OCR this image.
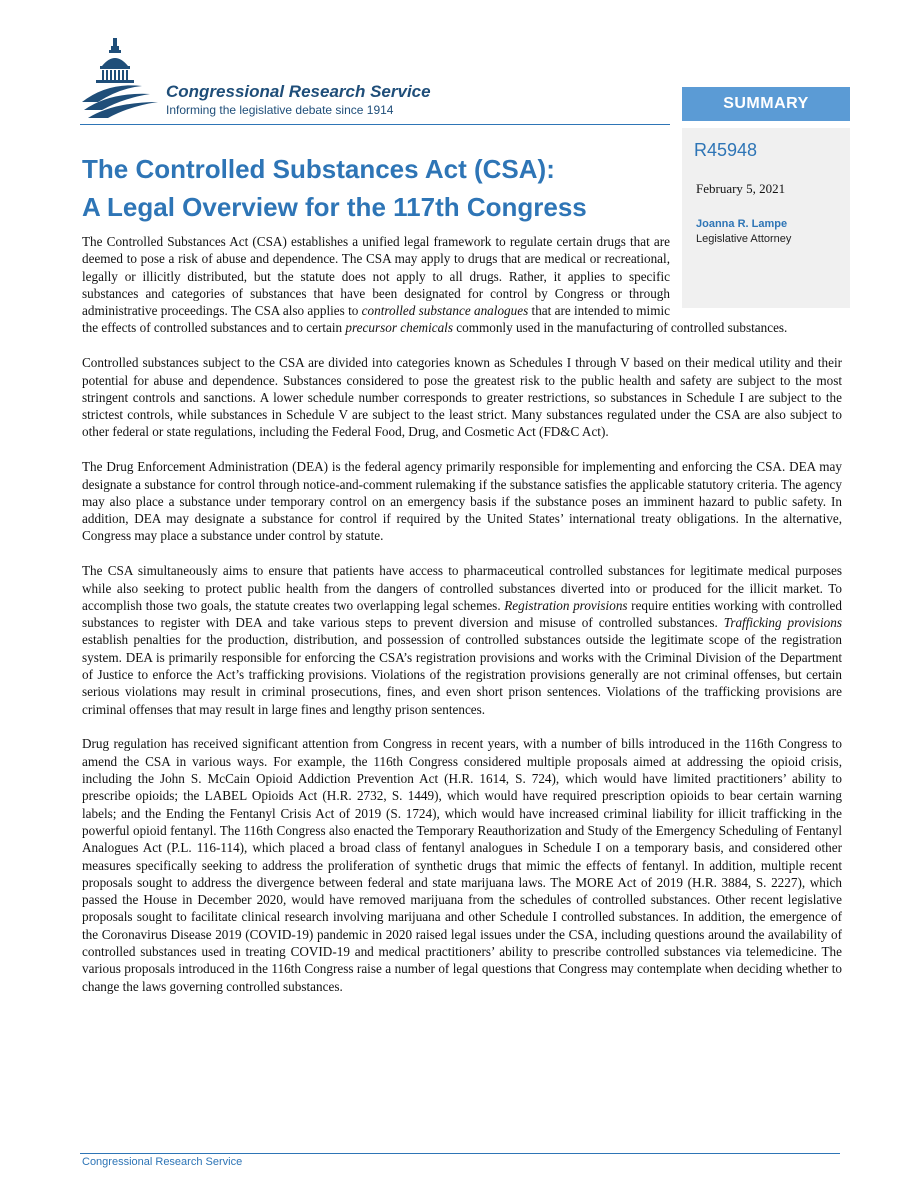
Congressional Research Service
Informing the legislative debate since 1914	SUMMARY
R45948
February 5, 2021
Joanna R. Lampe
Legislative Attorney
The Controlled Substances Act (CSA):
A Legal Overview for the 117th Congress

The Controlled Substances Act (CSA) establishes a unified legal framework to regulate certain drugs that are deemed to pose a risk of abuse and dependence. The CSA may apply to drugs that are medical or recreational, legally or illicitly distributed, but the statute does not apply to all drugs. Rather, it applies to specific substances and categories of substances that have been designated for control by Congress or through administrative proceedings. The CSA also applies to controlled substance analogues that are intended to mimic the effects of controlled substances and to certain precursor chemicals commonly used in the manufacturing of controlled substances.

Controlled substances subject to the CSA are divided into categories known as Schedules I through V based on their medical utility and their potential for abuse and dependence. Substances considered to pose the greatest risk to the public health and safety are subject to the most stringent controls and sanctions. A lower schedule number corresponds to greater restrictions, so substances in Schedule I are subject to the strictest controls, while substances in Schedule V are subject to the least strict. Many substances regulated under the CSA are also subject to other federal or state regulations, including the Federal Food, Drug, and Cosmetic Act (FD&C Act).

The Drug Enforcement Administration (DEA) is the federal agency primarily responsible for implementing and enforcing the CSA. DEA may designate a substance for control through notice-and-comment rulemaking if the substance satisfies the applicable statutory criteria. The agency may also place a substance under temporary control on an emergency basis if the substance poses an imminent hazard to public safety. In addition, DEA may designate a substance for control if required by the United States’ international treaty obligations. In the alternative, Congress may place a substance under control by statute.

The CSA simultaneously aims to ensure that patients have access to pharmaceutical controlled substances for legitimate medical purposes while also seeking to protect public health from the dangers of controlled substances diverted into or produced for the illicit market. To accomplish those two goals, the statute creates two overlapping legal schemes. Registration provisions require entities working with controlled substances to register with DEA and take various steps to prevent diversion and misuse of controlled substances. Trafficking provisions establish penalties for the production, distribution, and possession of controlled substances outside the legitimate scope of the registration system. DEA is primarily responsible for enforcing the CSA’s registration provisions and works with the Criminal Division of the Department of Justice to enforce the Act’s trafficking provisions. Violations of the registration provisions generally are not criminal offenses, but certain serious violations may result in criminal prosecutions, fines, and even short prison sentences. Violations of the trafficking provisions are criminal offenses that may result in large fines and lengthy prison sentences.

Drug regulation has received significant attention from Congress in recent years, with a number of bills introduced in the 116th Congress to amend the CSA in various ways. For example, the 116th Congress considered multiple proposals aimed at addressing the opioid crisis, including the John S. McCain Opioid Addiction Prevention Act (H.R. 1614, S. 724), which would have limited practitioners’ ability to prescribe opioids; the LABEL Opioids Act (H.R. 2732, S. 1449), which would have required prescription opioids to bear certain warning labels; and the Ending the Fentanyl Crisis Act of 2019 (S. 1724), which would have increased criminal liability for illicit trafficking in the powerful opioid fentanyl. The 116th Congress also enacted the Temporary Reauthorization and Study of the Emergency Scheduling of Fentanyl Analogues Act (P.L. 116-114), which placed a broad class of fentanyl analogues in Schedule I on a temporary basis, and considered other measures specifically seeking to address the proliferation of synthetic drugs that mimic the effects of fentanyl. In addition, multiple recent proposals sought to address the divergence between federal and state marijuana laws. The MORE Act of 2019 (H.R. 3884, S. 2227), which passed the House in December 2020, would have removed marijuana from the schedules of controlled substances. Other recent legislative proposals sought to facilitate clinical research involving marijuana and other Schedule I controlled substances. In addition, the emergence of the Coronavirus Disease 2019 (COVID-19) pandemic in 2020 raised legal issues under the CSA, including questions around the availability of controlled substances used in treating COVID-19 and medical practitioners’ ability to prescribe controlled substances via telemedicine. The various proposals introduced in the 116th Congress raise a number of legal questions that Congress may contemplate when deciding whether to change the laws governing controlled substances.

Congressional Research Service
